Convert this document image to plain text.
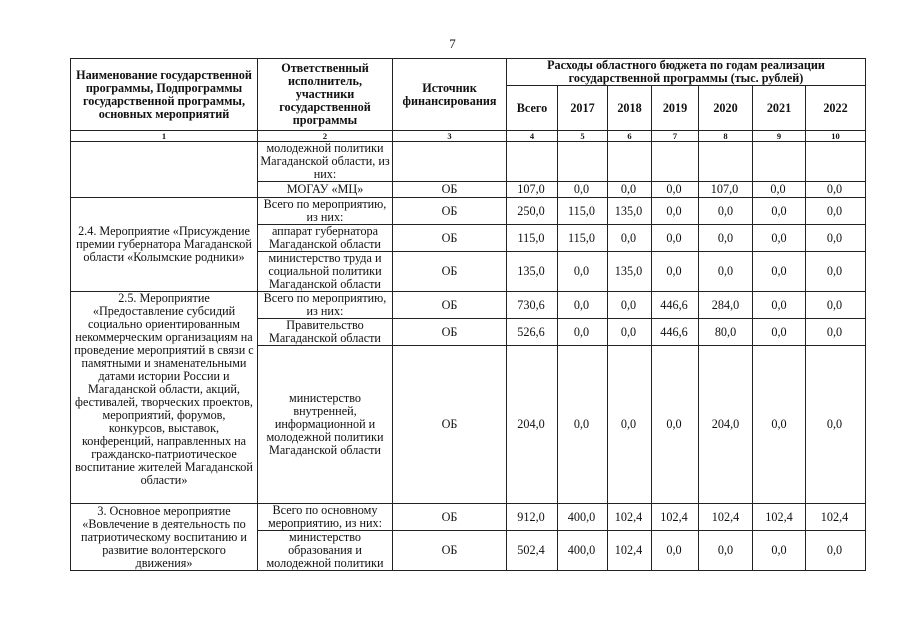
7
Наименование государственной программы, Подпрограммы государственной программы, основных мероприятий	Ответственный исполнитель, участники государственной программы	Источник финансирования	Расходы областного бюджета по годам реализации государственной программы (тыс. рублей)						
			Всего	2017	2018	2019	2020	2021	2022
1	2	3	4	5	6	7	8	9	10
	молодежной политики Магаданской области, из них:								
	МОГАУ «МЦ»	ОБ	107,0	0,0	0,0	0,0	107,0	0,0	0,0
2.4. Мероприятие «Присуждение премии губернатора Магаданской области «Колымские родники»	Всего по мероприятию, из них:	ОБ	250,0	115,0	135,0	0,0	0,0	0,0	0,0
	аппарат губернатора Магаданской области	ОБ	115,0	115,0	0,0	0,0	0,0	0,0	0,0
	министерство труда и социальной политики Магаданской области	ОБ	135,0	0,0	135,0	0,0	0,0	0,0	0,0
2.5. Мероприятие «Предоставление субсидий социально ориентированным некоммерческим организациям на проведение мероприятий в связи с памятными и знаменательными датами истории России и Магаданской области, акций, фестивалей, творческих проектов, мероприятий, форумов, конкурсов, выставок, конференций, направленных на гражданско-патриотическое воспитание жителей Магаданской области»	Всего по мероприятию, из них:	ОБ	730,6	0,0	0,0	446,6	284,0	0,0	0,0
	Правительство Магаданской области	ОБ	526,6	0,0	0,0	446,6	80,0	0,0	0,0
	министерство внутренней, информационной и молодежной политики Магаданской области	ОБ	204,0	0,0	0,0	0,0	204,0	0,0	0,0
3. Основное мероприятие «Вовлечение в деятельность по патриотическому воспитанию и развитие волонтерского движения»	Всего по основному мероприятию, из них:	ОБ	912,0	400,0	102,4	102,4	102,4	102,4	102,4
	министерство образования и молодежной политики	ОБ	502,4	400,0	102,4	0,0	0,0	0,0	0,0
